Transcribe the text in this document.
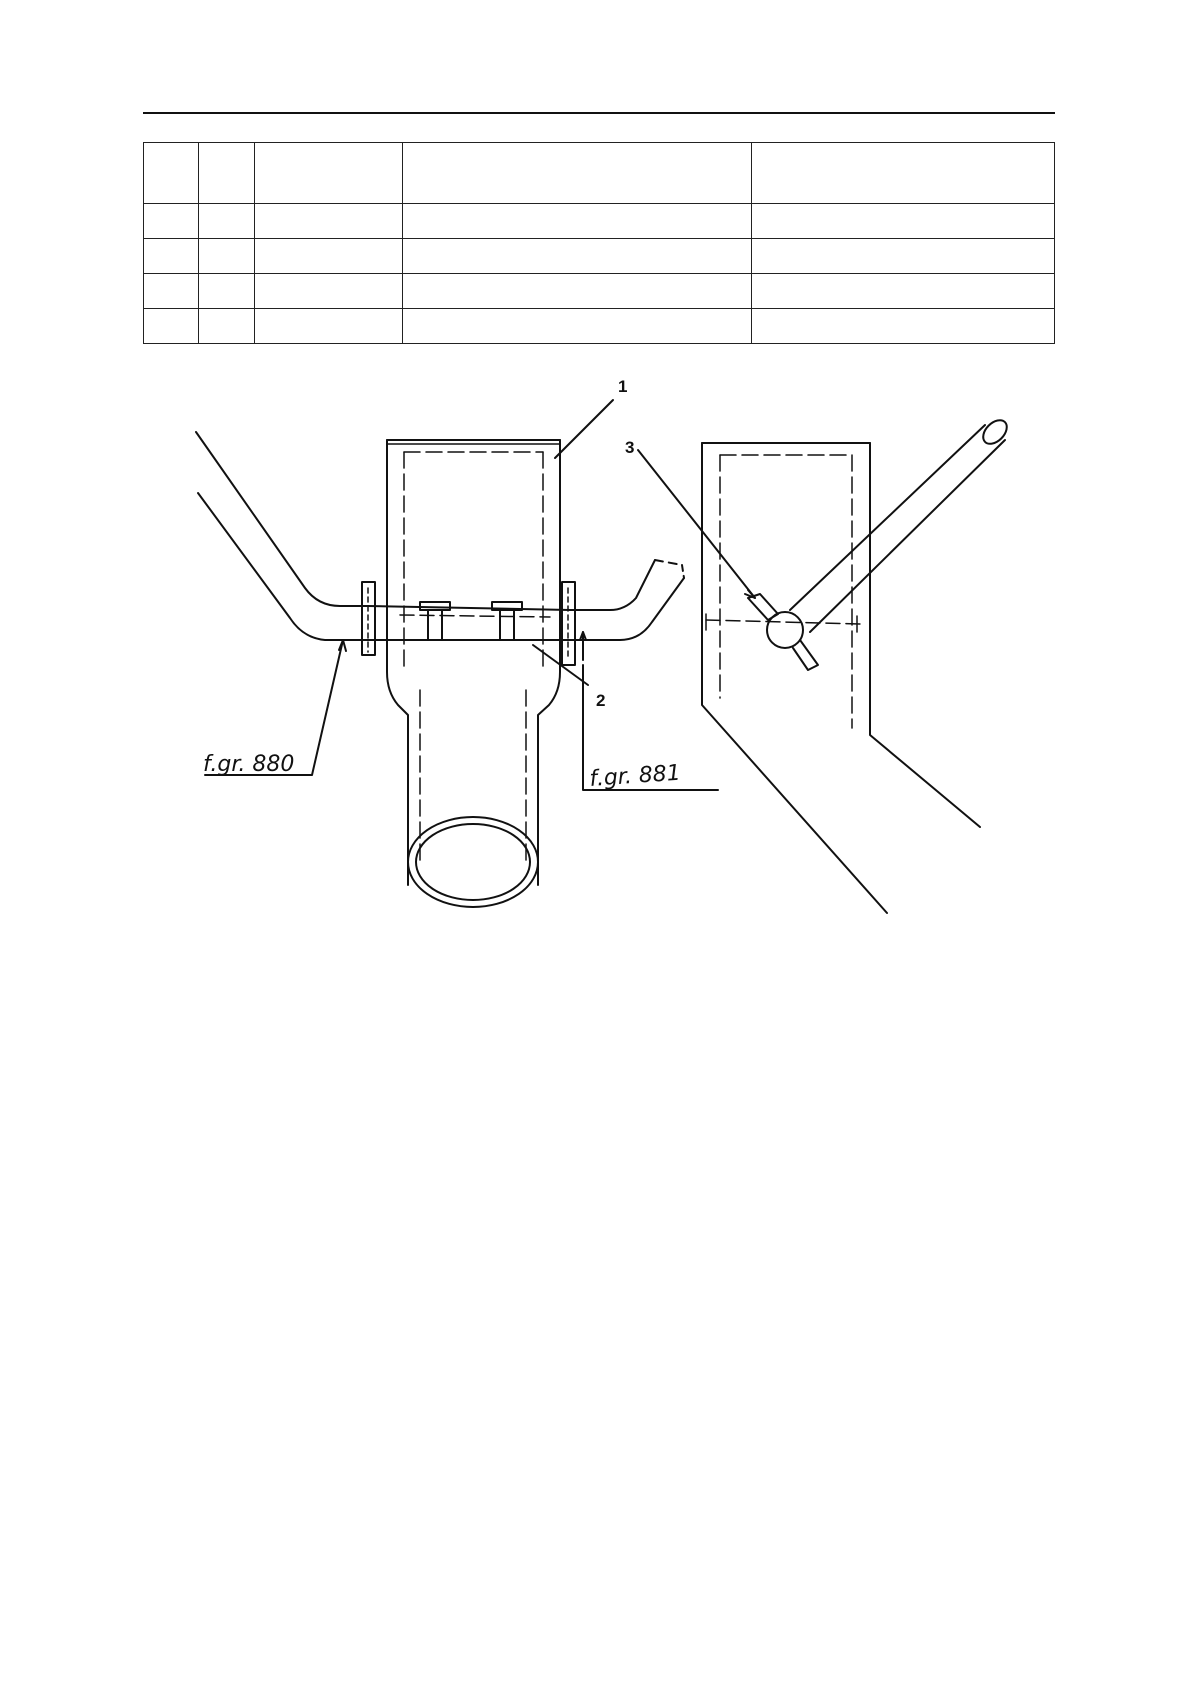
1
2
3
f.gr. 880	f.gr. 881
